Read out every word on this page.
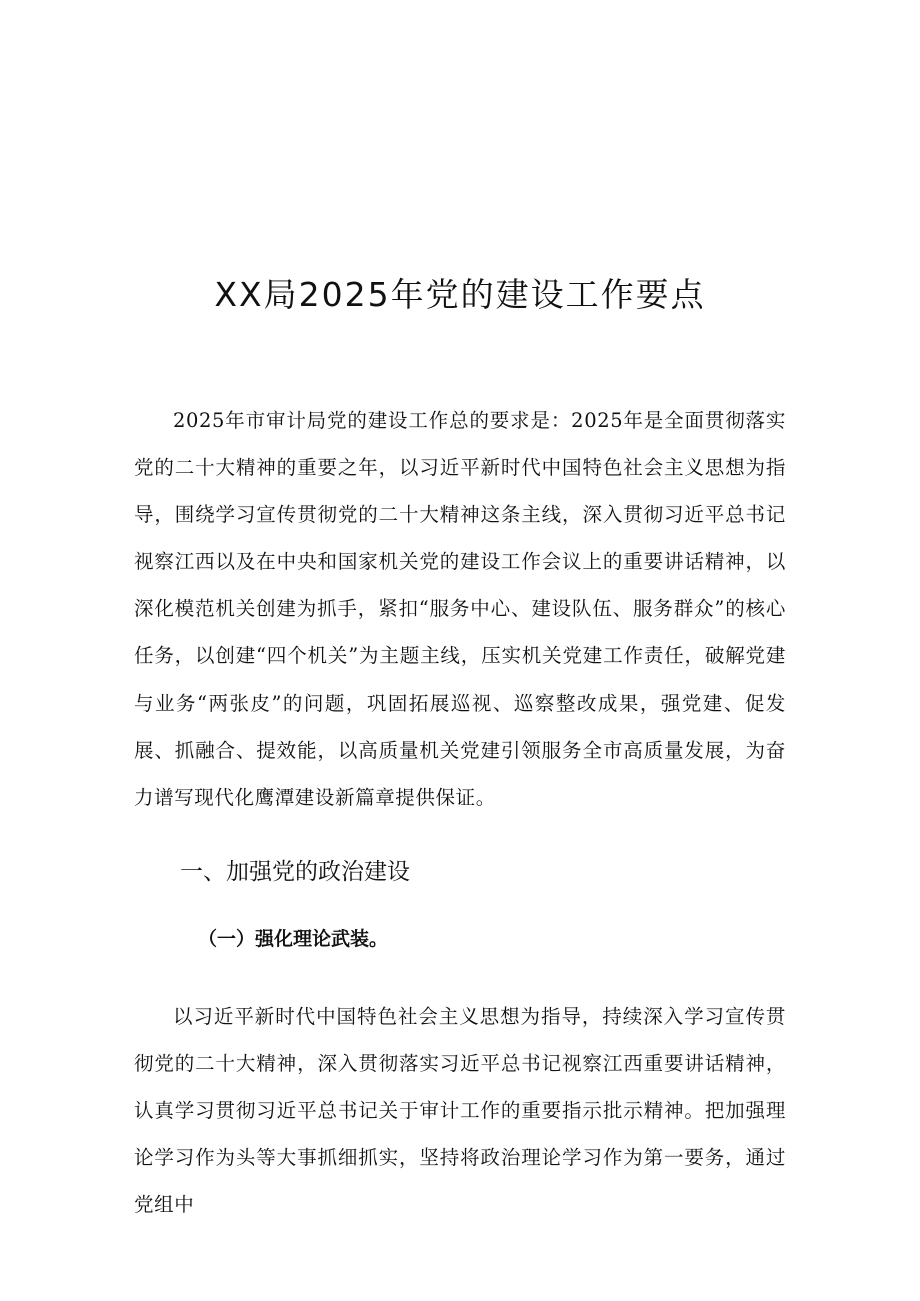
XX局2025年党的建设工作要点
2025年市审计局党的建设工作总的要求是：2025年是全面贯彻落实党的二十大精神的重要之年，以习近平新时代中国特色社会主义思想为指导，围绕学习宣传贯彻党的二十大精神这条主线，深入贯彻习近平总书记视察江西以及在中央和国家机关党的建设工作会议上的重要讲话精神，以深化模范机关创建为抓手，紧扣“服务中心、建设队伍、服务群众”的核心任务，以创建“四个机关”为主题主线，压实机关党建工作责任，破解党建与业务“两张皮”的问题，巩固拓展巡视、巡察整改成果，强党建、促发展、抓融合、提效能，以高质量机关党建引领服务全市高质量发展，为奋力谱写现代化鹰潭建设新篇章提供保证。
一、加强党的政治建设
（一）强化理论武装。
以习近平新时代中国特色社会主义思想为指导，持续深入学习宣传贯彻党的二十大精神，深入贯彻落实习近平总书记视察江西重要讲话精神，认真学习贯彻习近平总书记关于审计工作的重要指示批示精神。把加强理论学习作为头等大事抓细抓实，坚持将政治理论学习作为第一要务，通过党组中
